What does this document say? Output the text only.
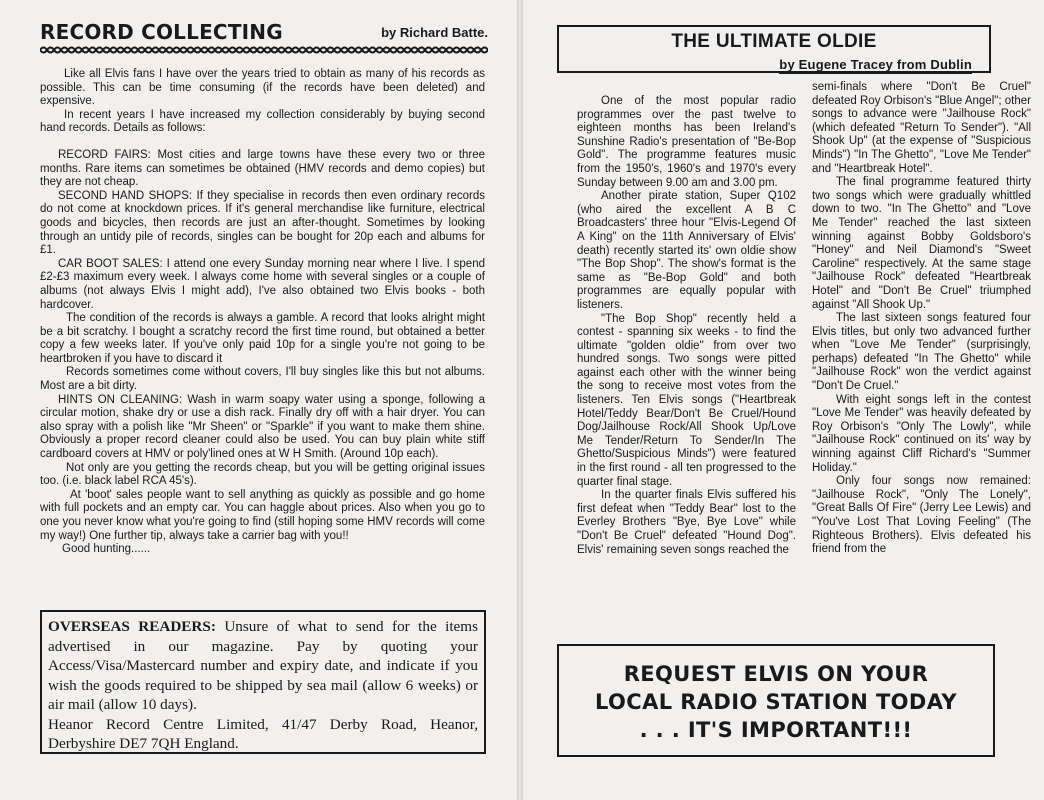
RECORD COLLECTING	by Richard Batte.

Like all Elvis fans I have over the years tried to obtain as many of his records as possible. This can be time consuming (if the records have been deleted) and expensive.

In recent years I have increased my collection considerably by buying second hand records. Details as follows:

RECORD FAIRS: Most cities and large towns have these every two or three months. Rare items can sometimes be obtained (HMV records and demo copies) but they are not cheap.

SECOND HAND SHOPS: If they specialise in records then even ordinary records do not come at knockdown prices. If it's general merchandise like furniture, electrical goods and bicycles, then records are just an after-thought. Sometimes by looking through an untidy pile of records, singles can be bought for 20p each and albums for £1.

CAR BOOT SALES: I attend one every Sunday morning near where I live. I spend £2-£3 maximum every week. I always come home with several singles or a couple of albums (not always Elvis I might add), I've also obtained two Elvis books - both hardcover.

The condition of the records is always a gamble. A record that looks alright might be a bit scratchy. I bought a scratchy record the first time round, but obtained a better copy a few weeks later. If you've only paid 10p for a single you're not going to be heartbroken if you have to discard it

Records sometimes come without covers, I'll buy singles like this but not albums. Most are a bit dirty.

HINTS ON CLEANING: Wash in warm soapy water using a sponge, following a circular motion, shake dry or use a dish rack. Finally dry off with a hair dryer. You can also spray with a polish like "Mr Sheen" or "Sparkle" if you want to make them shine. Obviously a proper record cleaner could also be used. You can buy plain white stiff cardboard covers at HMV or poly'lined ones at W H Smith. (Around 10p each).

Not only are you getting the records cheap, but you will be getting original issues too. (i.e. black label RCA 45's).

At 'boot' sales people want to sell anything as quickly as possible and go home with full pockets and an empty car. You can haggle about prices. Also when you go to one you never know what you're going to find (still hoping some HMV records will come my way!) One further tip, always take a carrier bag with you!!

Good hunting......

OVERSEAS READERS: Unsure of what to send for the items advertised in our magazine. Pay by quoting your Access/Visa/Mastercard number and expiry date, and indicate if you wish the goods required to be shipped by sea mail (allow 6 weeks) or air mail (allow 10 days).
Heanor Record Centre Limited, 41/47 Derby Road, Heanor, Derbyshire DE7 7QH England.
THE ULTIMATE OLDIE
by Eugene Tracey from Dublin

One of the most popular radio programmes over the past twelve to eighteen months has been Ireland's Sunshine Radio's presentation of "Be-Bop Gold". The programme features music from the 1950's, 1960's and 1970's every Sunday between 9.00 am and 3.00 pm.

Another pirate station, Super Q102 (who aired the excellent A B C Broadcasters' three hour "Elvis-Legend Of A King" on the 11th Anniversary of Elvis' death) recently started its' own oldie show "The Bop Shop". The show's format is the same as "Be-Bop Gold" and both programmes are equally popular with listeners.

"The Bop Shop" recently held a contest - spanning six weeks - to find the ultimate "golden oldie" from over two hundred songs. Two songs were pitted against each other with the winner being the song to receive most votes from the listeners. Ten Elvis songs ("Heartbreak Hotel/Teddy Bear/Don't Be Cruel/Hound Dog/Jailhouse Rock/All Shook Up/Love Me Tender/Return To Sender/In The Ghetto/Suspicious Minds") were featured in the first round - all ten progressed to the quarter final stage.

In the quarter finals Elvis suffered his first defeat when "Teddy Bear" lost to the Everley Brothers "Bye, Bye Love" while "Don't Be Cruel" defeated "Hound Dog". Elvis' remaining seven songs reached the

semi-finals where "Don't Be Cruel" defeated Roy Orbison's "Blue Angel"; other songs to advance were "Jailhouse Rock" (which defeated "Return To Sender"). "All Shook Up" (at the expense of "Suspicious Minds") "In The Ghetto", "Love Me Tender" and "Heartbreak Hotel".

The final programme featured thirty two songs which were gradually whittled down to two. "In The Ghetto" and "Love Me Tender" reached the last sixteen winning against Bobby Goldsboro's "Honey" and Neil Diamond's "Sweet Caroline" respectively. At the same stage "Jailhouse Rock" defeated "Heartbreak Hotel" and "Don't Be Cruel" triumphed against "All Shook Up."

The last sixteen songs featured four Elvis titles, but only two advanced further when "Love Me Tender" (surprisingly, perhaps) defeated "In The Ghetto" while "Jailhouse Rock" won the verdict against "Don't De Cruel."

With eight songs left in the contest "Love Me Tender" was heavily defeated by Roy Orbison's "Only The Lowly", while "Jailhouse Rock" continued on its' way by winning against Cliff Richard's "Summer Holiday."

Only four songs now remained: "Jailhouse Rock", "Only The Lonely", "Great Balls Of Fire" (Jerry Lee Lewis) and "You've Lost That Loving Feeling" (The Righteous Brothers). Elvis defeated his friend from the

REQUEST ELVIS ON YOUR
LOCAL RADIO STATION TODAY
. . . IT'S IMPORTANT!!!
